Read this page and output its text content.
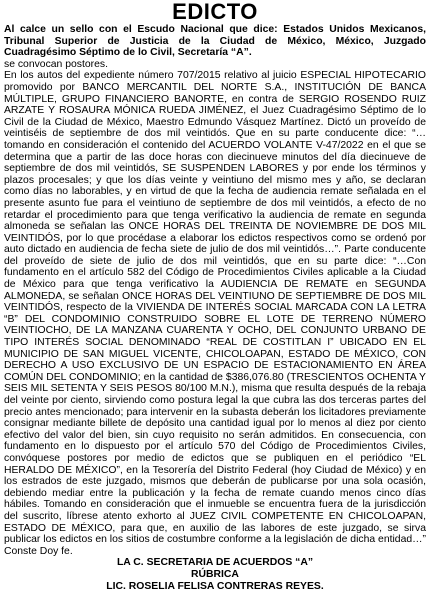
EDICTO

Al calce un sello con el Escudo Nacional que dice: Estados Unidos Mexicanos, Tribunal Superior de Justicia de la Ciudad de México, México, Juzgado Cuadragésimo Séptimo de lo Civil, Secretaría “A”.

se convocan postores.

En los autos del expediente número 707/2015 relativo al juicio ESPECIAL HIPOTECARIO promovido por BANCO MERCANTIL DEL NORTE S.A., INSTITUCIÓN DE BANCA MÚLTIPLE, GRUPO FINANCIERO BANORTE, en contra de SERGIO ROSENDO RUIZ ARZATE Y ROSAURA MÓNICA RUEDA JIMÉNEZ, el Juez Cuadragésimo Séptimo de lo Civil de la Ciudad de México, Maestro Edmundo Vásquez Martínez. Dictó un proveído de veintiséis de septiembre de dos mil veintidós. Que en su parte conducente dice: “…tomando en consideración el contenido del ACUERDO VOLANTE V-47/2022 en el que se determina que a partir de las doce horas con diecinueve minutos del día diecinueve de septiembre de dos mil veintidós, SE SUSPENDEN LABORES y por ende los términos y plazos procesales; y que los días veinte y veintiuno del mismo mes y año, se declaran como días no laborables, y en virtud de que la fecha de audiencia remate señalada en el presente asunto fue para el veintiuno de septiembre de dos mil veintidós, a efecto de no retardar el procedimiento para que tenga verificativo la audiencia de remate en segunda almoneda se señalan las ONCE HORAS DEL TREINTA DE NOVIEMBRE DE DOS MIL VEINTIDÓS, por lo que procédase a elaborar los edictos respectivos como se ordenó por auto dictado en audiencia de fecha siete de julio de dos mil veintidós…”. Parte conducente del proveído de siete de julio de dos mil veintidós, que en su parte dice: “…Con fundamento en el artículo 582 del Código de Procedimientos Civiles aplicable a la Ciudad de México para que tenga verificativo la AUDIENCIA DE REMATE en SEGUNDA ALMONEDA, se señalan ONCE HORAS DEL VEINTIUNO DE SEPTIEMBRE DE DOS MIL VEINTIDÓS, respecto de la VIVIENDA DE INTERÉS SOCIAL MARCADA CON LA LETRA “B” DEL CONDOMINIO CONSTRUIDO SOBRE EL LOTE DE TERRENO NÚMERO VEINTIOCHO, DE LA MANZANA CUARENTA Y OCHO, DEL CONJUNTO URBANO DE TIPO INTERÉS SOCIAL DENOMINADO “REAL DE COSTITLAN I” UBICADO EN EL MUNICIPIO DE SAN MIGUEL VICENTE, CHICOLOAPAN, ESTADO DE MÉXICO, CON DERECHO A USO EXCLUSIVO DE UN ESPACIO DE ESTACIONAMIENTO EN ÁREA COMÚN DEL CONDOMINIO; en la cantidad de $386,076.80 (TRESCIENTOS OCHENTA Y SEIS MIL SETENTA Y SEIS PESOS 80/100 M.N.), misma que resulta después de la rebaja del veinte por ciento, sirviendo como postura legal la que cubra las dos terceras partes del precio antes mencionado; para intervenir en la subasta deberán los licitadores previamente consignar mediante billete de depósito una cantidad igual por lo menos al diez por ciento efectivo del valor del bien, sin cuyo requisito no serán admitidos. En consecuencia, con fundamento en lo dispuesto por el artículo 570 del Código de Procedimientos Civiles, convóquese postores por medio de edictos que se publiquen en el periódico “EL HERALDO DE MÉXICO”, en la Tesorería del Distrito Federal (hoy Ciudad de México) y en los estrados de este juzgado, mismos que deberán de publicarse por una sola ocasión, debiendo mediar entre la publicación y la fecha de remate cuando menos cinco días hábiles. Tomando en consideración que el inmueble se encuentra fuera de la jurisdicción del suscrito, líbrese atento exhorto al JUEZ CIVIL COMPETENTE EN CHICOLOAPAN, ESTADO DE MÉXICO, para que, en auxilio de las labores de este juzgado, se sirva publicar los edictos en los sitios de costumbre conforme a la legislación de dicha entidad…” Conste Doy fe.

LA C. SECRETARIA DE ACUERDOS “A”

RÚBRICA

LIC. ROSELIA FELISA CONTRERAS REYES.
